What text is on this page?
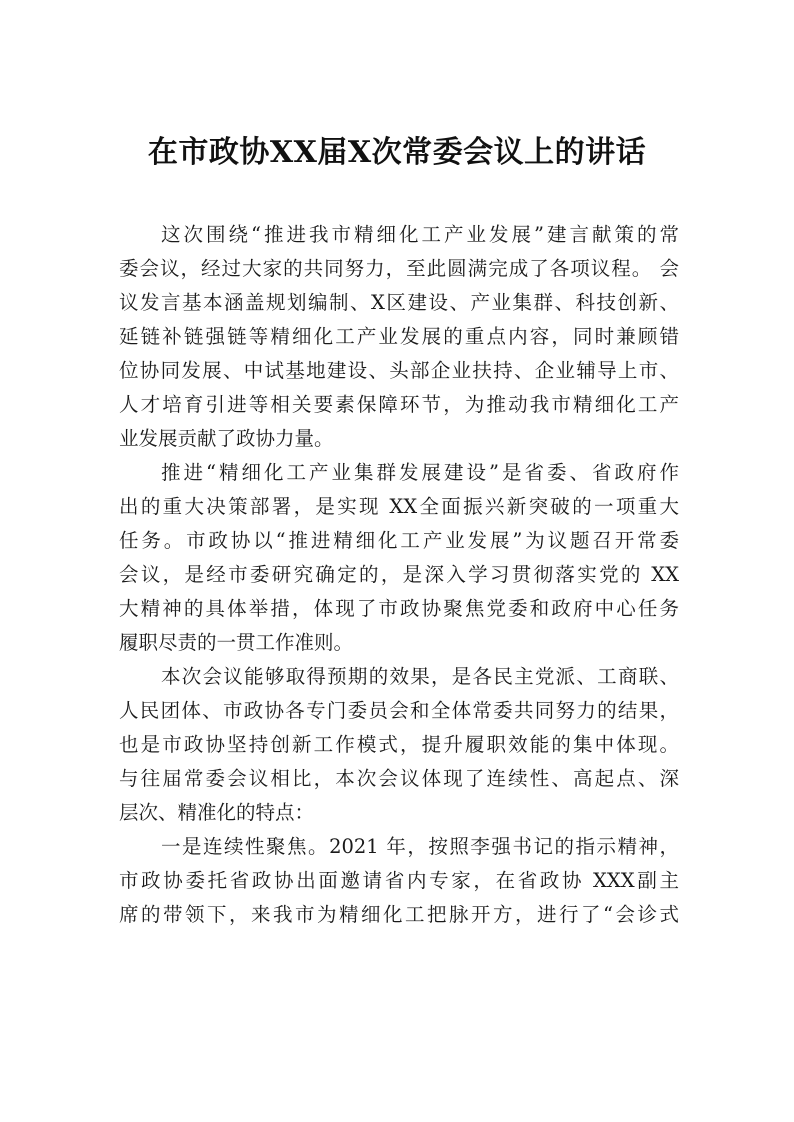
在市政协XX届X次常委会议上的讲话
这次围绕“推进我市精细化工产业发展”建言献策的常
委会议，经过大家的共同努力，至此圆满完成了各项议程。 会
议发言基本涵盖规划编制、X区建设、产业集群、科技创新、
延链补链强链等精细化工产业发展的重点内容，同时兼顾错
位协同发展、中试基地建设、头部企业扶持、企业辅导上市、
人才培育引进等相关要素保障环节，为推动我市精细化工产
业发展贡献了政协力量。
推进“精细化工产业集群发展建设”是省委、省政府作
出的重大决策部署，是实现 XX全面振兴新突破的一项重大
任务。市政协以“推进精细化工产业发展”为议题召开常委
会议，是经市委研究确定的，是深入学习贯彻落实党的 XX
大精神的具体举措，体现了市政协聚焦党委和政府中心任务
履职尽责的一贯工作准则。
本次会议能够取得预期的效果，是各民主党派、工商联、
人民团体、市政协各专门委员会和全体常委共同努力的结果，
也是市政协坚持创新工作模式，提升履职效能的集中体现。
与往届常委会议相比，本次会议体现了连续性、高起点、深
层次、精准化的特点：
一是连续性聚焦。2021 年，按照李强书记的指示精神，
市政协委托省政协出面邀请省内专家，在省政协 XXX副主
席的带领下，来我市为精细化工把脉开方，进行了“会诊式
